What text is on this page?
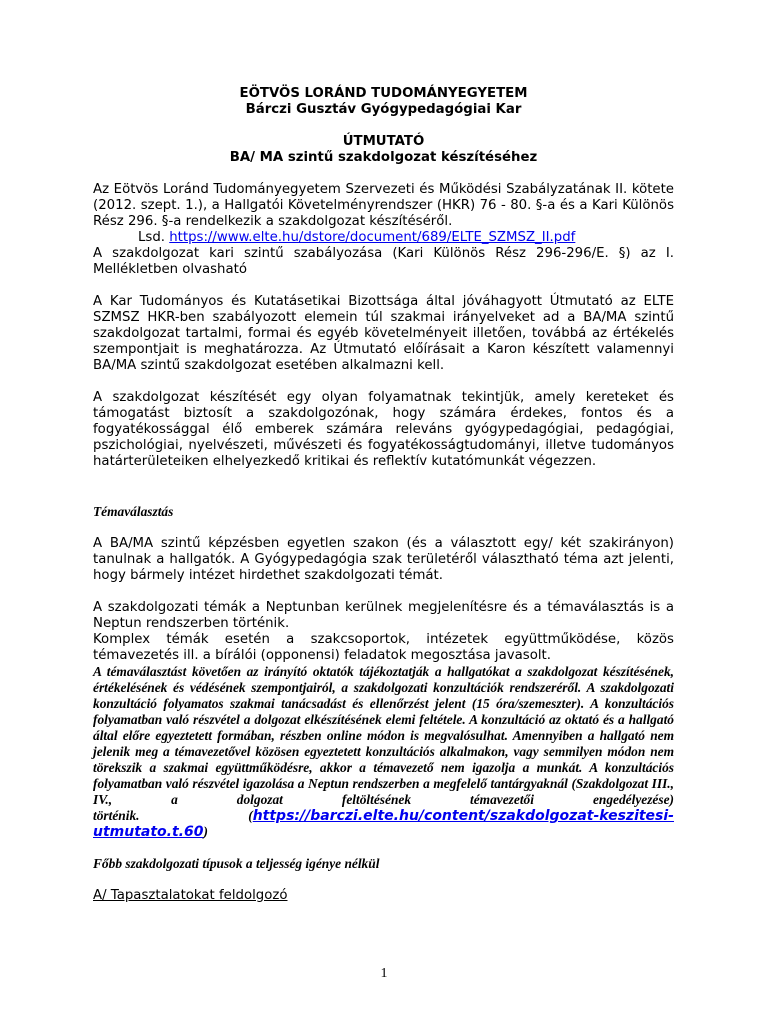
EÖTVÖS LORÁND TUDOMÁNYEGYETEM

Bárczi Gusztáv Gyógypedagógiai Kar

ÚTMUTATÓ

BA/ MA szintű szakdolgozat készítéséhez

Az Eötvös Loránd Tudományegyetem Szervezeti és Működési Szabályzatának II. kötete (2012. szept. 1.), a Hallgatói Követelményrendszer (HKR) 76 - 80. §-a és a Kari Különös Rész 296. §-a rendelkezik a szakdolgozat készítéséről.

Lsd. https://www.elte.hu/dstore/document/689/ELTE_SZMSZ_II.pdf

A szakdolgozat kari szintű szabályozása (Kari Különös Rész 296-296/E. §) az I. Mellékletben olvasható

A Kar Tudományos és Kutatásetikai Bizottsága által jóváhagyott Útmutató az ELTE SZMSZ HKR-ben szabályozott elemein túl szakmai irányelveket ad a BA/MA szintű szakdolgozat tartalmi, formai és egyéb követelményeit illetően, továbbá az értékelés szempontjait is meghatározza. Az Útmutató előírásait a Karon készített valamennyi BA/MA szintű szakdolgozat esetében alkalmazni kell.

A szakdolgozat készítését egy olyan folyamatnak tekintjük, amely kereteket és támogatást biztosít a szakdolgozónak, hogy számára érdekes, fontos és a fogyatékossággal élő emberek számára releváns gyógypedagógiai, pedagógiai, pszichológiai, nyelvészeti, művészeti és fogyatékosságtudományi, illetve tudományos határterületeiken elhelyezkedő kritikai és reflektív kutatómunkát végezzen.

Témaválasztás

A BA/MA szintű képzésben egyetlen szakon (és a választott egy/ két szakirányon) tanulnak a hallgatók. A Gyógypedagógia szak területéről választható téma azt jelenti, hogy bármely intézet hirdethet szakdolgozati témát.

A szakdolgozati témák a Neptunban kerülnek megjelenítésre és a témaválasztás is a Neptun rendszerben történik.

Komplex témák esetén a szakcsoportok, intézetek együttműködése, közös témavezetés ill. a bírálói (opponensi) feladatok megosztása javasolt.

A témaválasztást követően az irányító oktatók tájékoztatják a hallgatókat a szakdolgozat készítésének, értékelésének és védésének szempontjairól, a szakdolgozati konzultációk rendszeréről. A szakdolgozati konzultáció folyamatos szakmai tanácsadást és ellenőrzést jelent (15 óra/szemeszter). A konzultációs folyamatban való részvétel a dolgozat elkészítésének elemi feltétele. A konzultáció az oktató és a hallgató által előre egyeztetett formában, részben online módon is megvalósulhat. Amennyiben a hallgató nem jelenik meg a témavezetővel közösen egyeztetett konzultációs alkalmakon, vagy semmilyen módon nem törekszik a szakmai együttműködésre, akkor a témavezető nem igazolja a munkát. A konzultációs folyamatban való részvétel igazolása a Neptun rendszerben a megfelelő tantárgyaknál (Szakdolgozat III., IV., a dolgozat feltöltésének témavezetői engedélyezése) történik.	(https://barczi.elte.hu/content/szakdolgozat-keszitesi-utmutato.t.60)

Főbb szakdolgozati típusok a teljesség igénye nélkül

A/ Tapasztalatokat feldolgozó

1
